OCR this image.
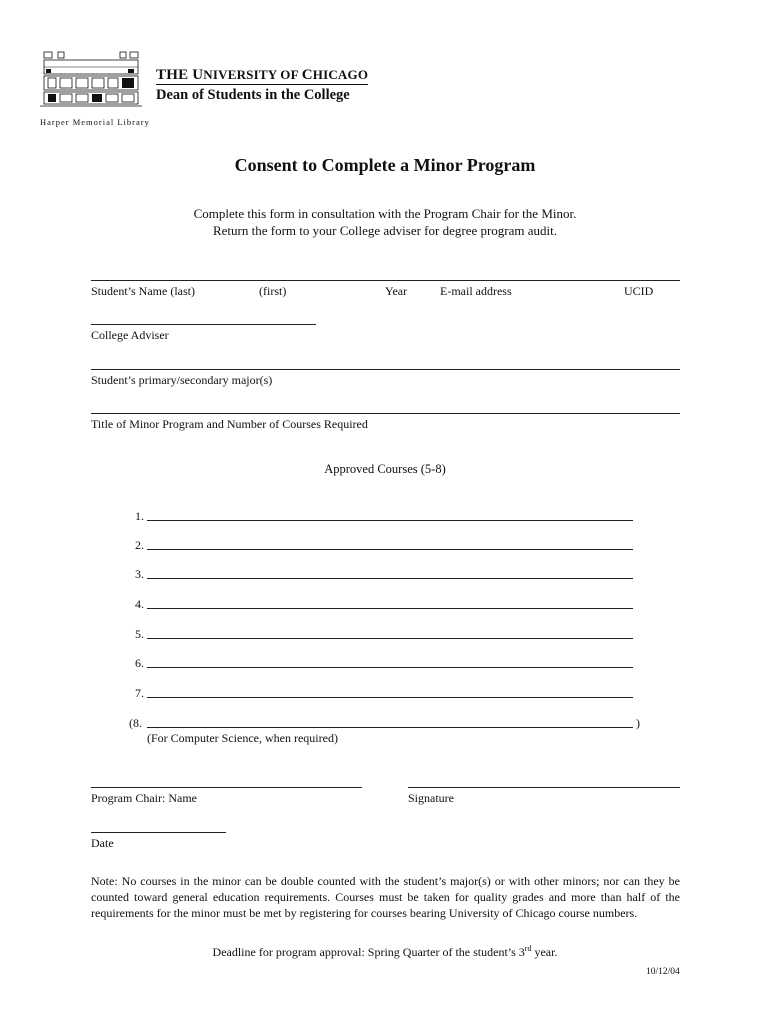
THE UNIVERSITY OF CHICAGO
Dean of Students in the College
Harper Memorial Library
Consent to Complete a Minor Program
Complete this form in consultation with the Program Chair for the Minor.
Return the form to your College adviser for degree program audit.
Student’s Name (last)	(first)	Year	E-mail address	UCID
College Adviser
Student’s primary/secondary major(s)
Title of Minor Program and Number of Courses Required
Approved Courses (5-8)
1.
2.
3.
4.
5.
6.
7.
(8.	)
(For Computer Science, when required)
Program Chair: Name	Signature
Date

Note: No courses in the minor can be double counted with the student’s major(s) or with other minors; nor can they be counted toward general education requirements. Courses must be taken for quality grades and more than half of the requirements for the minor must be met by registering for courses bearing University of Chicago course numbers.

Deadline for program approval: Spring Quarter of the student’s 3rd year.
10/12/04
